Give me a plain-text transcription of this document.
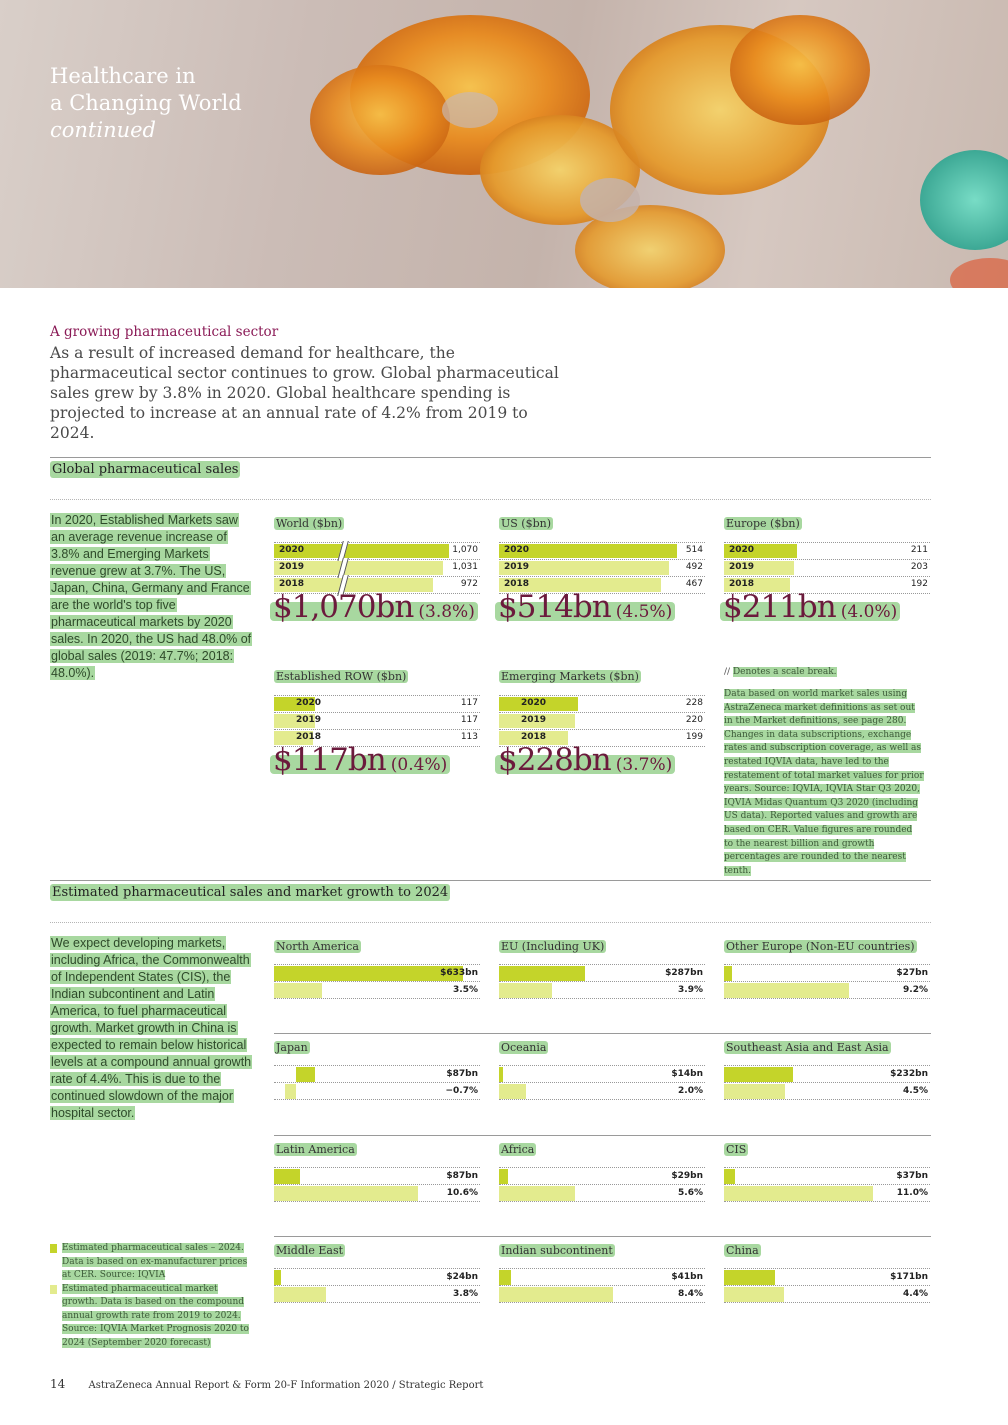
Healthcare in
a Changing World
continued
A growing pharmaceutical sector
As a result of increased demand for healthcare, the pharmaceutical sector continues to grow. Global pharmaceutical sales grew by 3.8% in 2020. Global healthcare spending is projected to increase at an annual rate of 4.2% from 2019 to 2024.
Global pharmaceutical sales
In 2020, Established Markets saw an average revenue increase of 3.8% and Emerging Markets revenue grew at 3.7%. The US, Japan, China, Germany and France are the world's top five pharmaceutical markets by 2020 sales. In 2020, the US had 48.0% of global sales (2019: 47.7%; 2018: 48.0%).
World ($bn)
2020	1,070
2019	1,031
2018	972
$1,070bn (3.8%)
US ($bn)
2020	514
2019	492
2018	467
$514bn (4.5%)
Europe ($bn)
2020	211
2019	203
2018	192
$211bn (4.0%)
Established ROW ($bn)
2020	117
2019	117
2018	113
$117bn (0.4%)
Emerging Markets ($bn)
2020	228
2019	220
2018	199
$228bn (3.7%)
// Denotes a scale break.
Data based on world market sales using AstraZeneca market definitions as set out in the Market definitions, see page 280. Changes in data subscriptions, exchange rates and subscription coverage, as well as restated IQVIA data, have led to the restatement of total market values for prior years. Source: IQVIA, IQVIA Star Q3 2020, IQVIA Midas Quantum Q3 2020 (including US data). Reported values and growth are based on CER. Value figures are rounded to the nearest billion and growth percentages are rounded to the nearest tenth.
Estimated pharmaceutical sales and market growth to 2024
We expect developing markets, including Africa, the Commonwealth of Independent States (CIS), the Indian subcontinent and Latin America, to fuel pharmaceutical growth. Market growth in China is expected to remain below historical levels at a compound annual growth rate of 4.4%. This is due to the continued slowdown of the major hospital sector.
North America
$633bn
3.5%
EU (Including UK)
$287bn
3.9%
Other Europe (Non-EU countries)
$27bn
9.2%
Japan
$87bn
−0.7%
Oceania
$14bn
2.0%
Southeast Asia and East Asia
$232bn
4.5%
Latin America
$87bn
10.6%
Africa
$29bn
5.6%
CIS
$37bn
11.0%
Middle East
$24bn
3.8%
Indian subcontinent
$41bn
8.4%
China
$171bn
4.4%
Estimated pharmaceutical sales – 2024. Data is based on ex-manufacturer prices at CER. Source: IQVIA
Estimated pharmaceutical market growth. Data is based on the compound annual growth rate from 2019 to 2024. Source: IQVIA Market Prognosis 2020 to 2024 (September 2020 forecast)
14 AstraZeneca Annual Report & Form 20-F Information 2020 / Strategic Report
